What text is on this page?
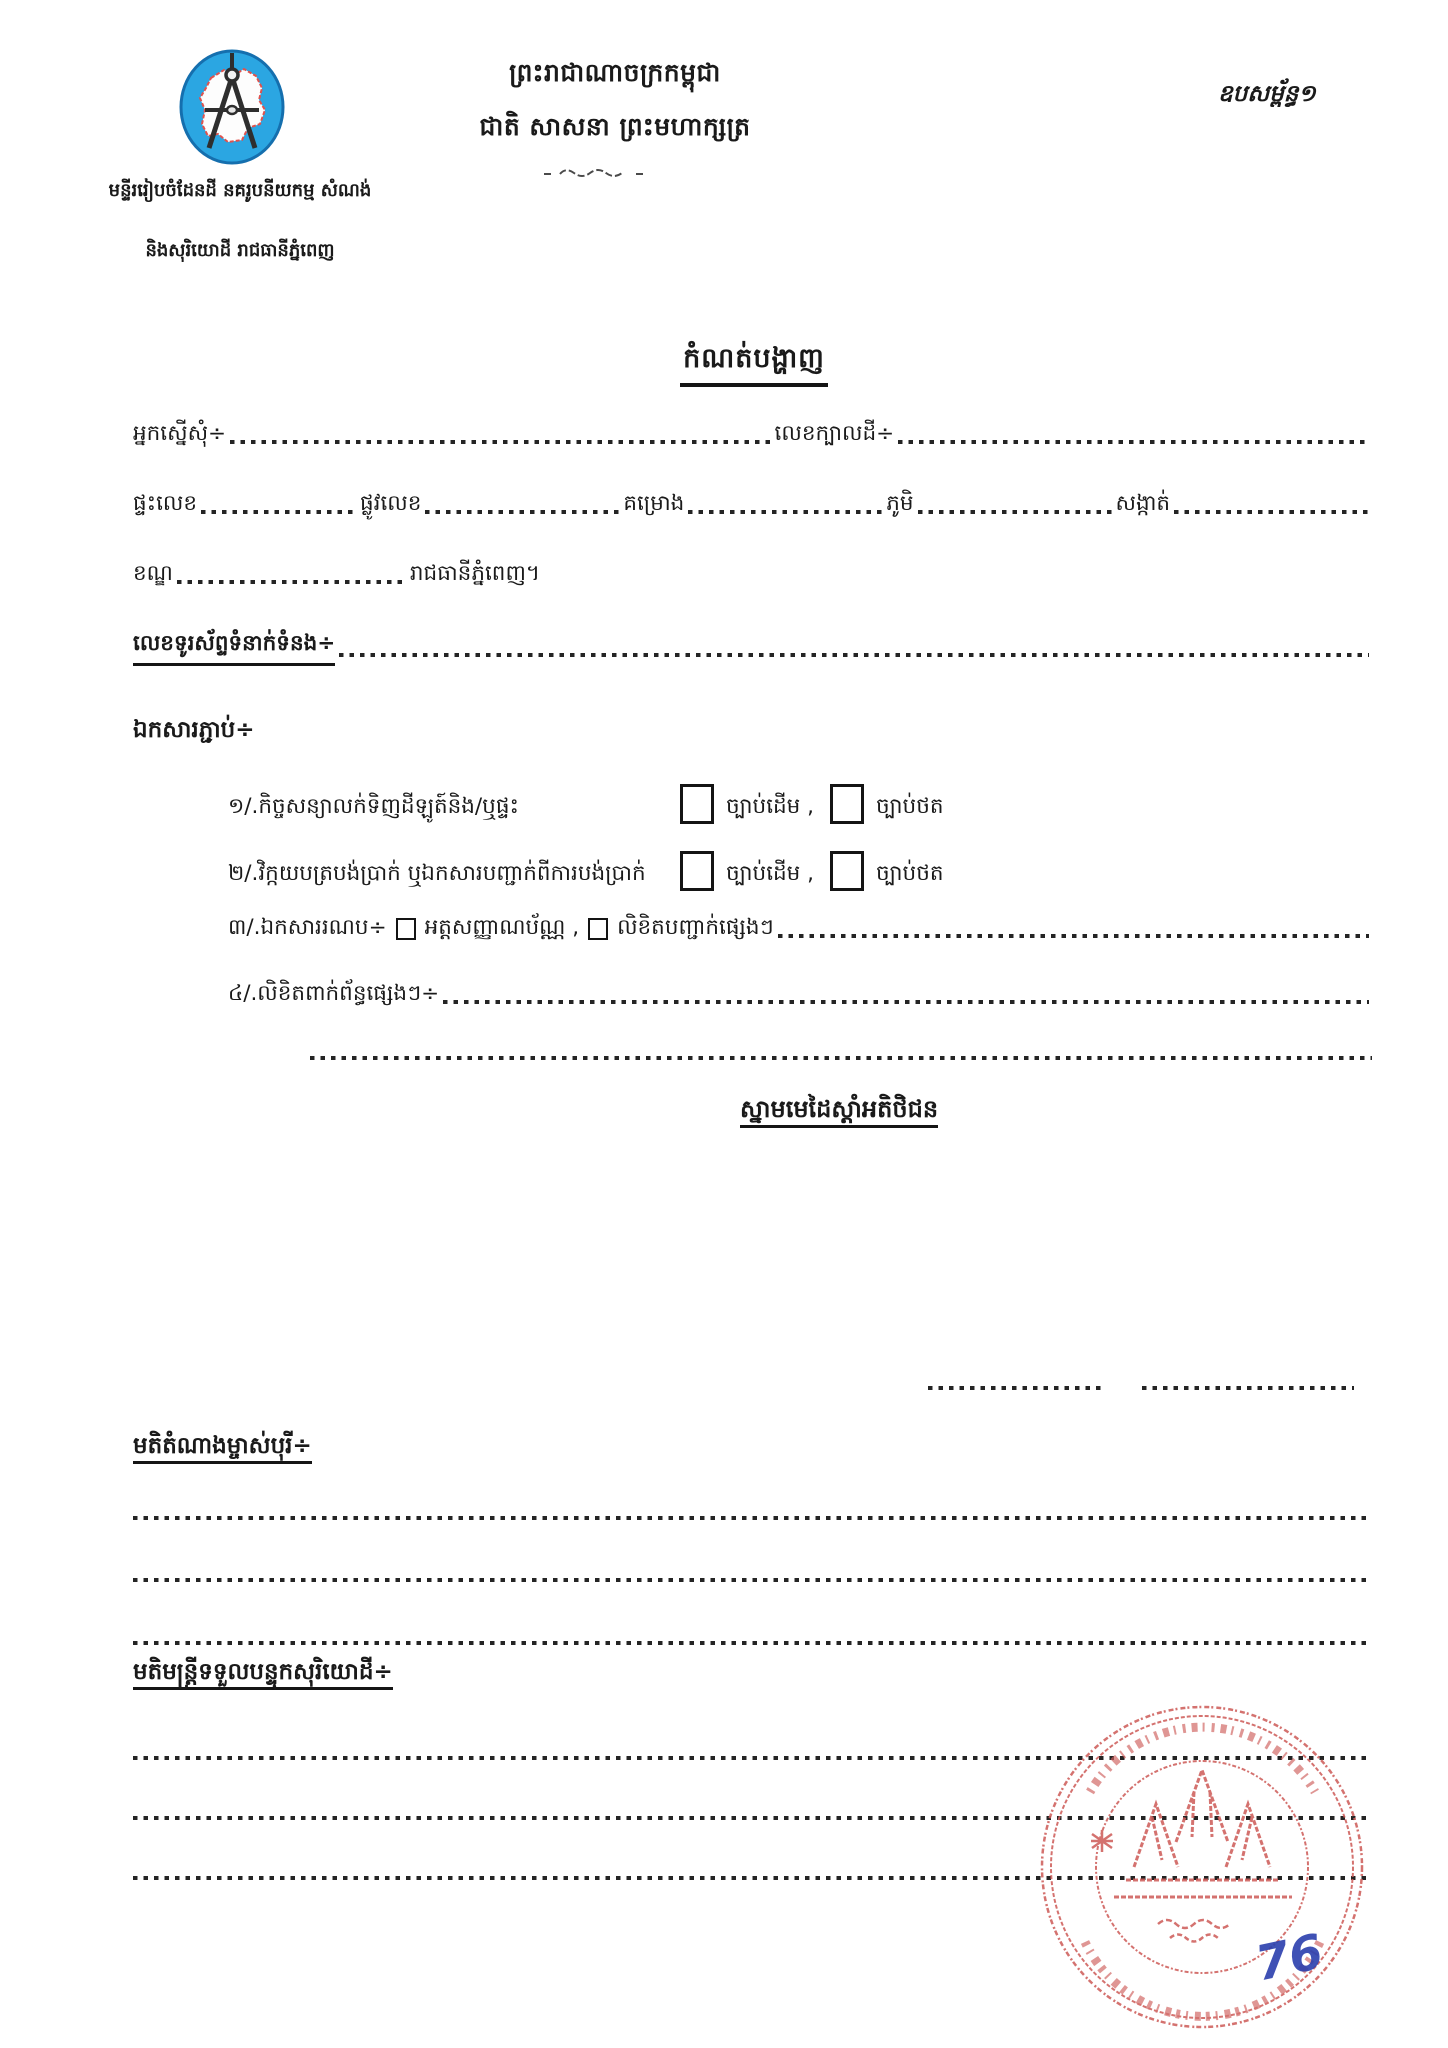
ព្រះរាជាណាចក្រកម្ពុជា
ជាតិ សាសនា ព្រះមហាក្សត្រ
ឧបសម្ព័ន្ធ១
មន្ទីររៀបចំដែនដី នគរូបនីយកម្ម សំណង់
និងសុរិយោដី រាជធានីភ្នំពេញ
កំណត់បង្ហាញ
អ្នកស្នើសុំ÷	លេខក្បាលដី÷
ផ្ទះលេខ	ផ្លូវលេខ	គម្រោង	ភូមិ	សង្កាត់
ខណ្ឌ	រាជធានីភ្នំពេញ។
លេខទូរស័ព្ទទំនាក់ទំនង÷
ឯកសារភ្ជាប់÷
១/.កិច្ចសន្យាលក់ទិញដីឡូត៍និង/ឬផ្ទះ	ច្បាប់ដើម ,	ច្បាប់ថត
២/.វិក្កយបត្របង់ប្រាក់ ឬឯកសារបញ្ជាក់ពីការបង់ប្រាក់	ច្បាប់ដើម ,	ច្បាប់ថត
៣/.ឯកសាររណប÷ អត្តសញ្ញាណប័ណ្ណ , លិខិតបញ្ជាក់ផ្សេងៗ
៤/.លិខិតពាក់ព័ន្ធផ្សេងៗ÷
ស្នាមមេដៃស្ដាំអតិថិជន
មតិតំណាងម្ចាស់បុរី÷
មតិមន្ត្រីទទួលបន្ទុកសុរិយោដី÷
76
